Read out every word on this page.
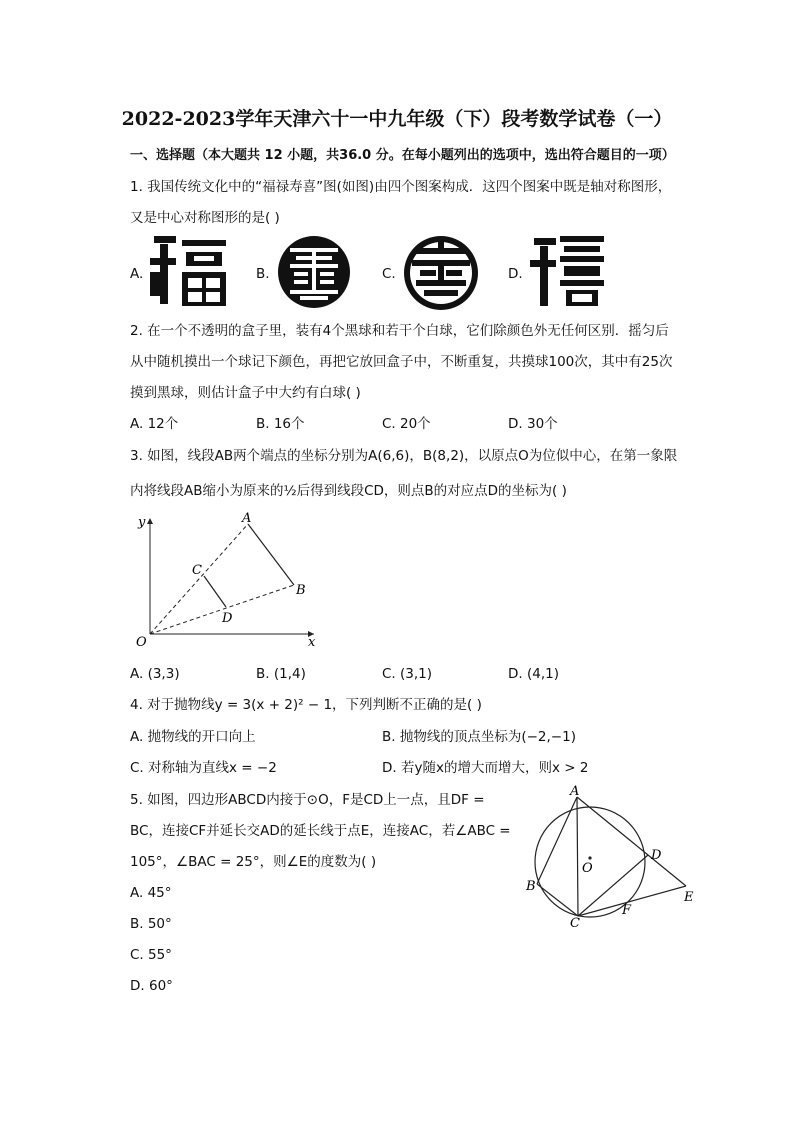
2022-2023学年天津六十一中九年级（下）段考数学试卷（一）
一、选择题（本大题共 12 小题，共36.0 分。在每小题列出的选项中，选出符合题目的一项）
1. 我国传统文化中的“福禄寿喜”图(如图)由四个图案构成．这四个图案中既是轴对称图形，
又是中心对称图形的是( )
A.	B.	C.	D.
2. 在一个不透明的盒子里，装有4个黑球和若干个白球，它们除颜色外无任何区别．摇匀后
从中随机摸出一个球记下颜色，再把它放回盒子中，不断重复，共摸球100次，其中有25次
摸到黑球，则估计盒子中大约有白球( )
A. 12个	B. 16个	C. 20个	D. 30个
3. 如图，线段AB两个端点的坐标分别为A(6,6)，B(8,2)，以原点O为位似中心，在第一象限
内将线段AB缩小为原来的½后得到线段CD，则点B的对应点D的坐标为( )
y
x
O
A
B
C
D
A. (3,3)	B. (1,4)	C. (3,1)	D. (4,1)
4. 对于抛物线y = 3(x + 2)² − 1，下列判断不正确的是( )
A. 抛物线的开口向上	B. 抛物线的顶点坐标为(−2,−1)
C. 对称轴为直线x = −2	D. 若y随x的增大而增大，则x > 2
5. 如图，四边形ABCD内接于⊙O，F是CD上一点，且DF =
BC，连接CF并延长交AD的延长线于点E，连接AC，若∠ABC =
105°，∠BAC = 25°，则∠E的度数为( )
A. 45°
B. 50°
C. 55°
D. 60°
A
B
C
D
E
F
O
